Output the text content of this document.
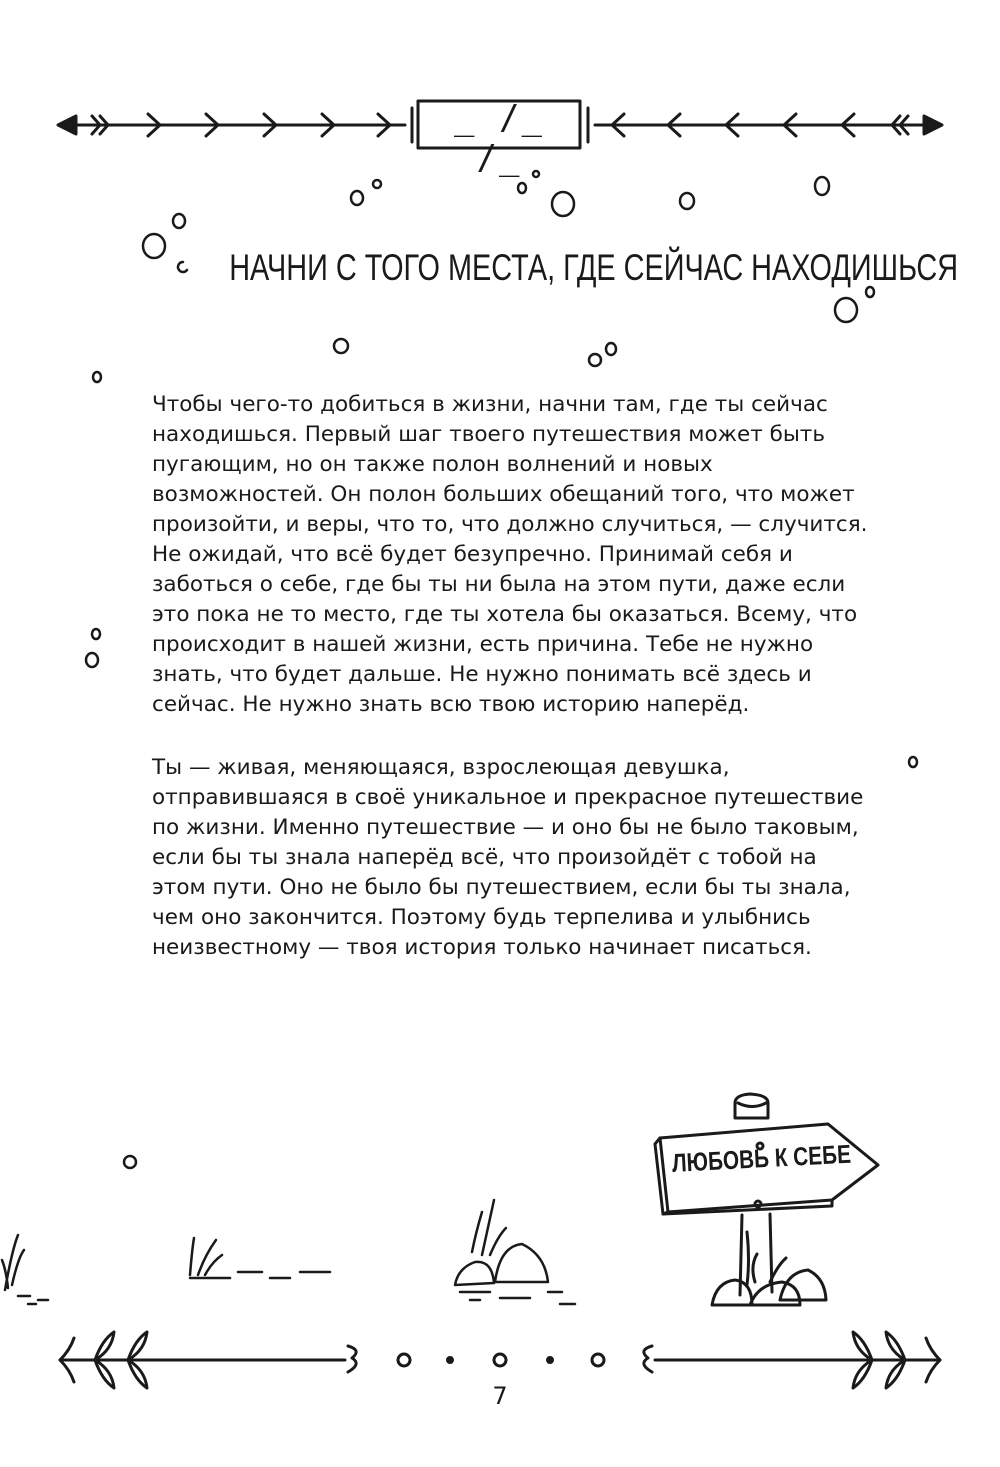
_ /_ /_
НАЧНИ С ТОГО МЕСТА, ГДЕ СЕЙЧАС НАХОДИШЬСЯ

Чтобы чего-то добиться в жизни, начни там, где ты сейчас находишься. Первый шаг твоего путешествия может быть пугающим, но он также полон волнений и новых возможностей. Он полон больших обещаний того, что может произойти, и веры, что то, что должно случиться, — случится. Не ожидай, что всё будет безупречно. Принимай себя и заботься о себе, где бы ты ни была на этом пути, даже если это пока не то место, где ты хотела бы оказаться. Всему, что происходит в нашей жизни, есть причина. Тебе не нужно знать, что будет дальше. Не нужно понимать всё здесь и сейчас. Не нужно знать всю твою историю наперёд.

Ты — живая, меняющаяся, взрослеющая девушка, отправившаяся в своё уникальное и прекрасное путешествие по жизни. Именно путешествие — и оно бы не было таковым, если бы ты знала наперёд всё, что произойдёт с тобой на этом пути. Оно не было бы путешествием, если бы ты знала, чем оно закончится. Поэтому будь терпелива и улыбнись неизвестному — твоя история только начинает писаться.

ЛЮБОВЬ К СЕБЕ
7
